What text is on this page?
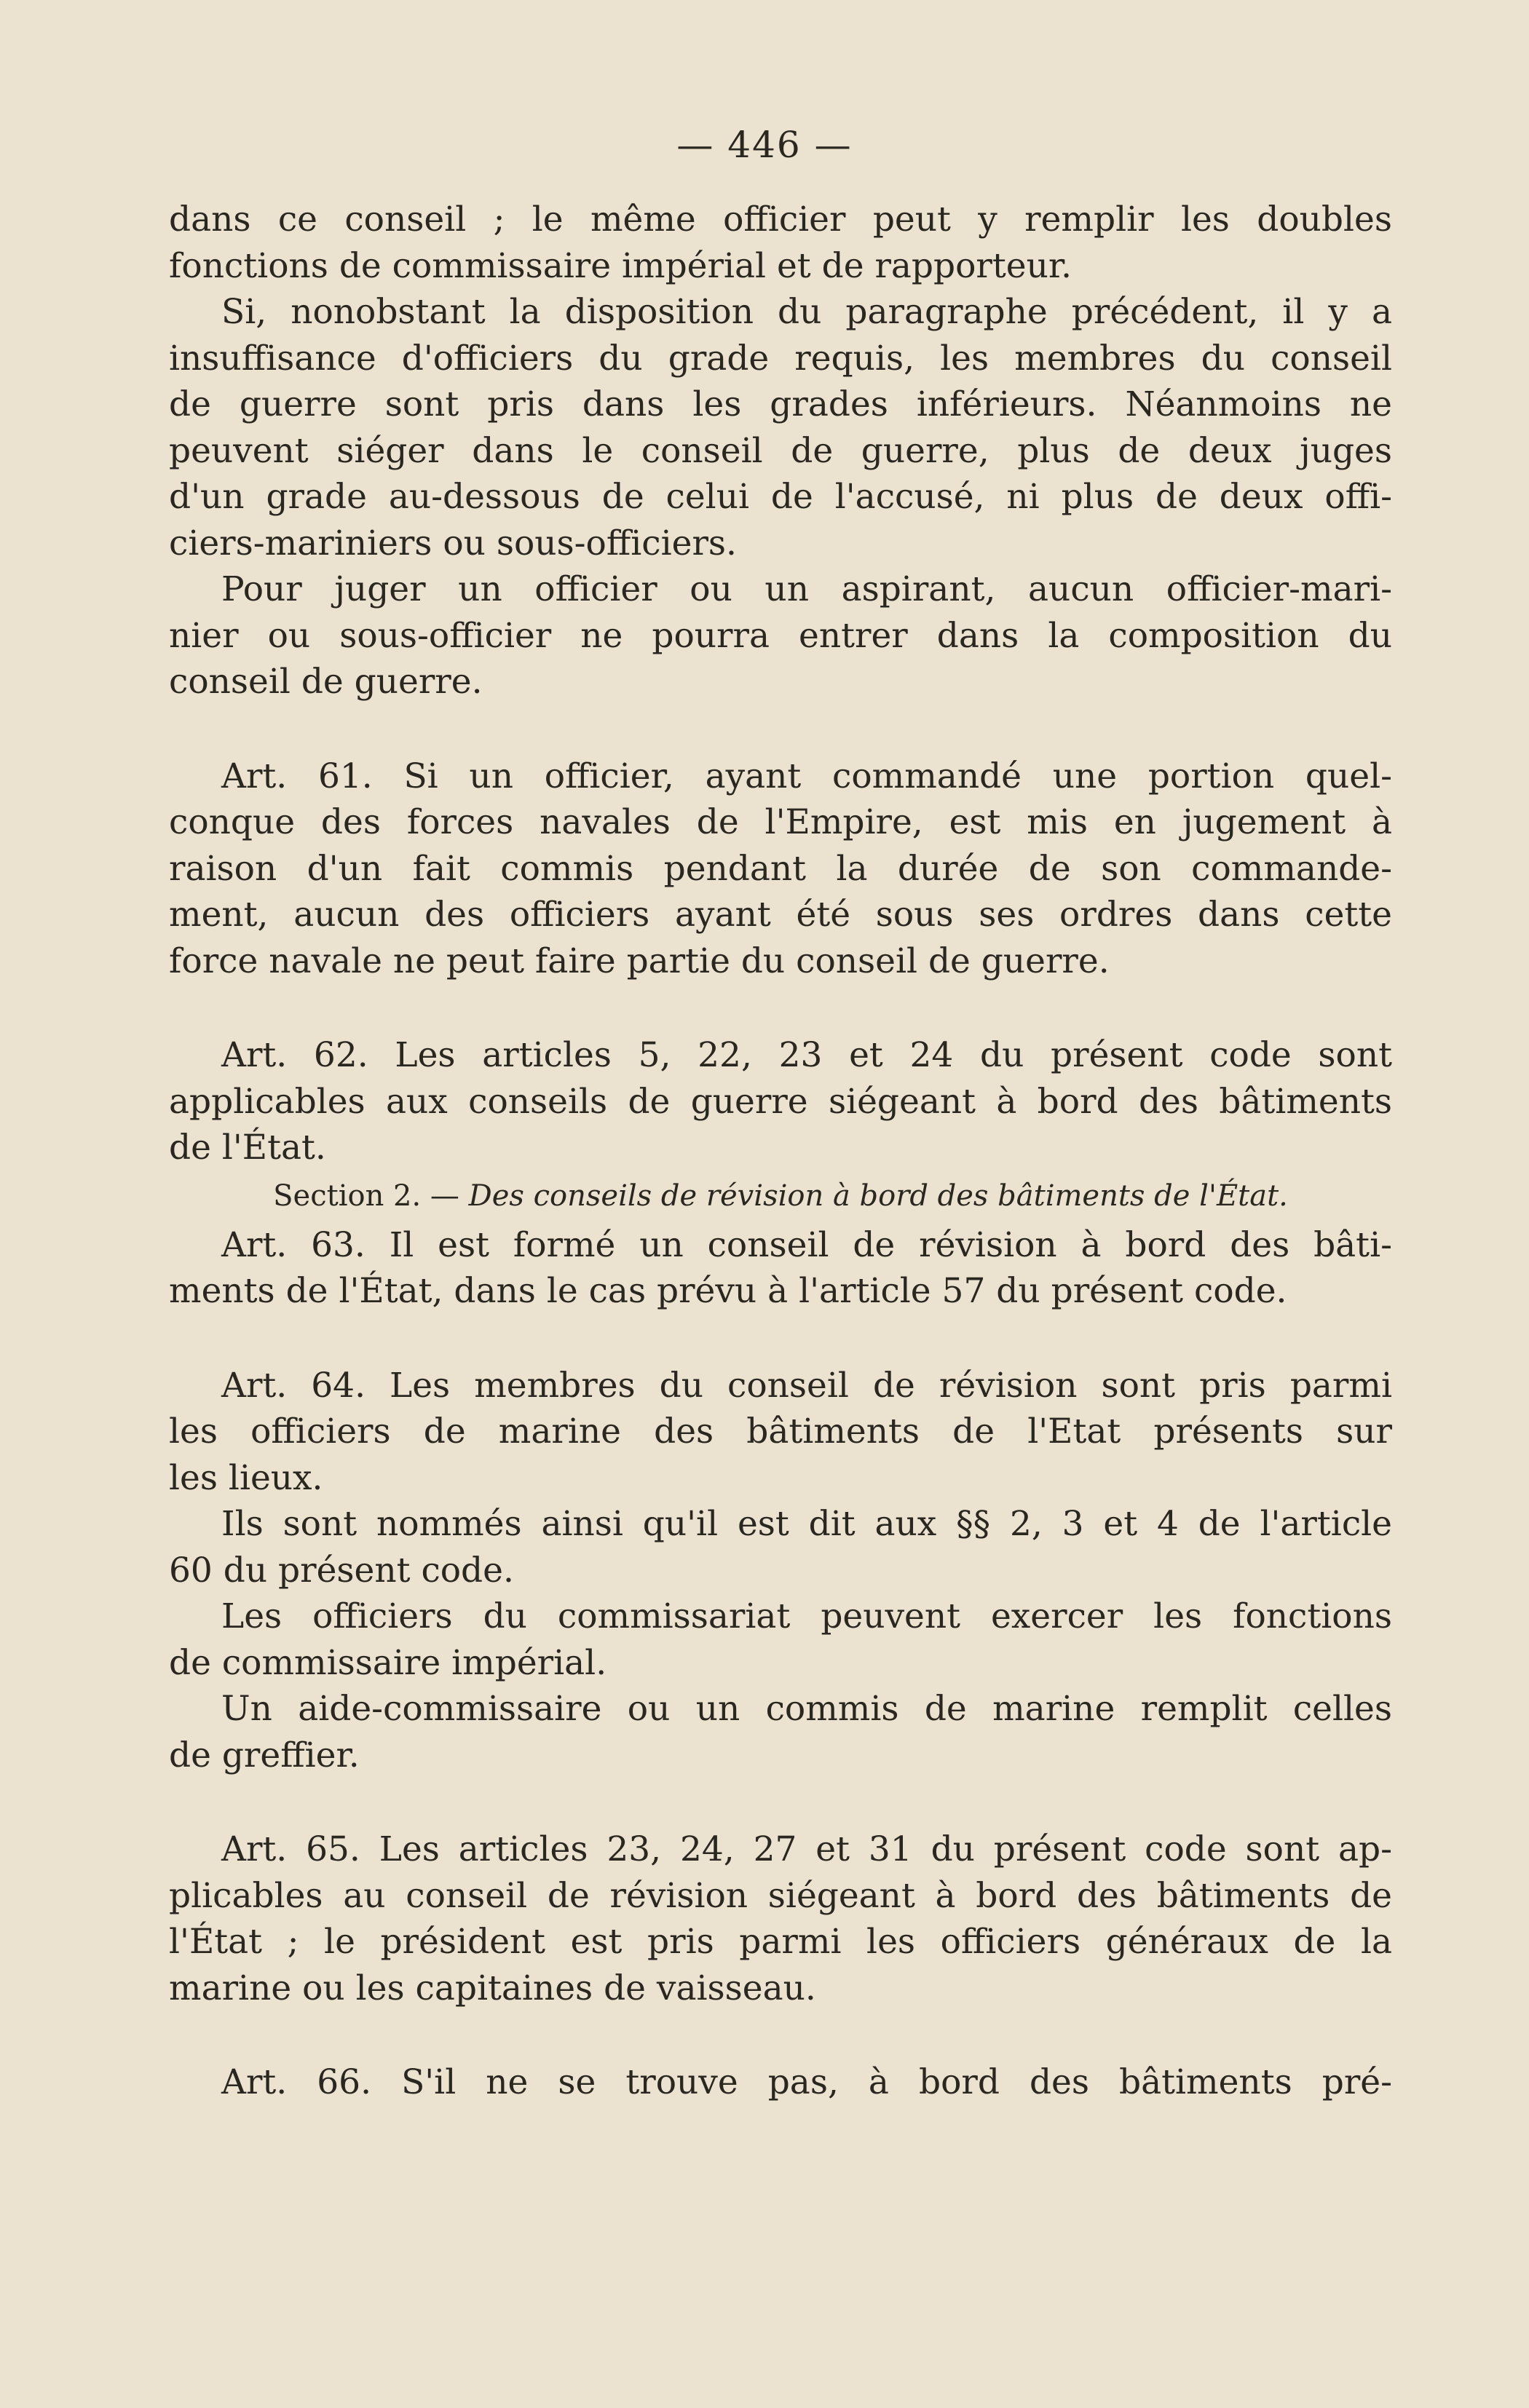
— 446 —

dans ce conseil ; le même officier peut y remplir les doubles
fonctions de commissaire impérial et de rapporteur.

Si, nonobstant la disposition du paragraphe précédent, il y a
insuffisance d'officiers du grade requis, les membres du conseil
de guerre sont pris dans les grades inférieurs. Néanmoins ne
peuvent siéger dans le conseil de guerre, plus de deux juges
d'un grade au-dessous de celui de l'accusé, ni plus de deux offi-
ciers-mariniers ou sous-officiers.

Pour juger un officier ou un aspirant, aucun officier-mari-
nier ou sous-officier ne pourra entrer dans la composition du
conseil de guerre.

Art. 61. Si un officier, ayant commandé une portion quel-
conque des forces navales de l'Empire, est mis en jugement à
raison d'un fait commis pendant la durée de son commande-
ment, aucun des officiers ayant été sous ses ordres dans cette
force navale ne peut faire partie du conseil de guerre.

Art. 62. Les articles 5, 22, 23 et 24 du présent code sont
applicables aux conseils de guerre siégeant à bord des bâtiments
de l'État.

Section 2. — Des conseils de révision à bord des bâtiments de l'État.

Art. 63. Il est formé un conseil de révision à bord des bâti-
ments de l'État, dans le cas prévu à l'article 57 du présent code.

Art. 64. Les membres du conseil de révision sont pris parmi
les officiers de marine des bâtiments de l'Etat présents sur
les lieux.

Ils sont nommés ainsi qu'il est dit aux §§ 2, 3 et 4 de l'article
60 du présent code.

Les officiers du commissariat peuvent exercer les fonctions
de commissaire impérial.

Un aide-commissaire ou un commis de marine remplit celles
de greffier.

Art. 65. Les articles 23, 24, 27 et 31 du présent code sont ap-
plicables au conseil de révision siégeant à bord des bâtiments de
l'État ; le président est pris parmi les officiers généraux de la
marine ou les capitaines de vaisseau.

Art. 66. S'il ne se trouve pas, à bord des bâtiments pré-
